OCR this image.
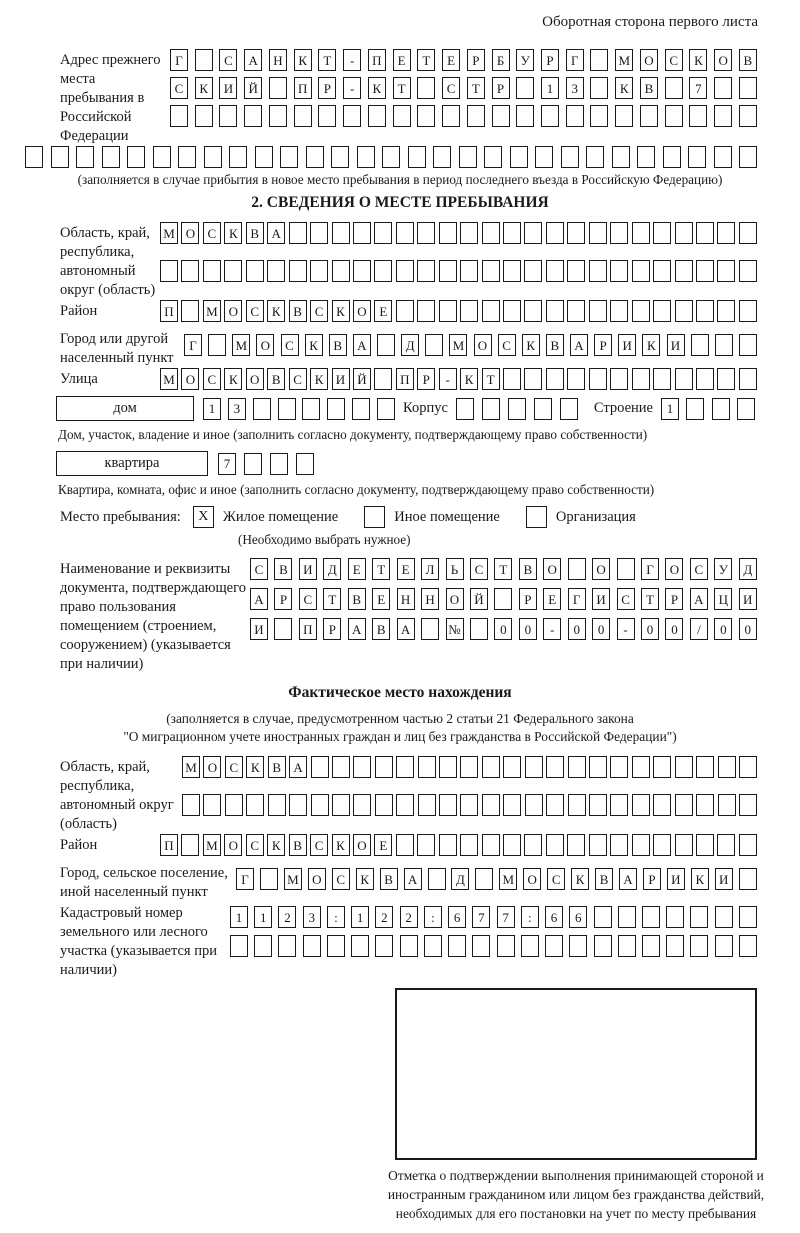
Оборотная сторона первого листа
Адрес прежнего места пребывания в Российской Федерации
Г	С	А	Н	К	Т	-	П	Е	Т	Е	Р	Б	У	Р	Г	М	О	С	К	О	В
С	К	И	Й	П	Р	-	К	Т	С	Т	Р	1	3	К	В	7
(заполняется в случае прибытия в новое место пребывания в период последнего въезда в Российскую Федерацию)
2. СВЕДЕНИЯ О МЕСТЕ ПРЕБЫВАНИЯ
Область, край, республика, автономный округ (область)
М О С К В А
Район	П	М О С К В С К О Е
Город или другой населенный пункт
Г	М	О	С	К	В	А	Д	М	О	С	К	В	А	Р	И	К	И
Улица	М О С К О В С К И Й	П	Р	-	К	Т
дом	1	3	Корпус	Строение	1
Дом, участок, владение и иное (заполнить согласно документу, подтверждающему право собственности)
квартира	7
Квартира, комната, офис и иное (заполнить согласно документу, подтверждающему право собственности)
Место пребывания:	X Жилое помещение	Иное помещение	Организация
(Необходимо выбрать нужное)
Наименование и реквизиты документа, подтверждающего право пользования помещением (строением, сооружением) (указывается при наличии)
С	В	И	Д	Е	Т	Е	Л	Ь	С	Т	В	О	О	Г	О	С	У	Д
А	Р	С	Т	В	Е	Н	Н	О	Й	Р	Е	Г	И	С	Т	Р	А	Ц	И
И	П	Р	А	В	А	№	0	0	-	0	0	-	0	0	/	0	0
Фактическое место нахождения
(заполняется в случае, предусмотренном частью 2 статьи 21 Федерального закона
"О миграционном учете иностранных граждан и лиц без гражданства в Российской Федерации")
Область, край, республика, автономный округ (область)
М О С К В А
Район	П	М О С К В С К О Е
Город, сельское поселение, иной населенный пункт
Г	М	О	С	К	В	А	Д	М	О	С	К	В	А	Р	И	К	И
Кадастровый номер земельного или лесного участка (указывается при наличии)
1	1	2	3	:	1	2	2	:	6	7	7	:	6	6
Отметка о подтверждении выполнения принимающей стороной и иностранным гражданином или лицом без гражданства действий, необходимых для его постановки на учет по месту пребывания
